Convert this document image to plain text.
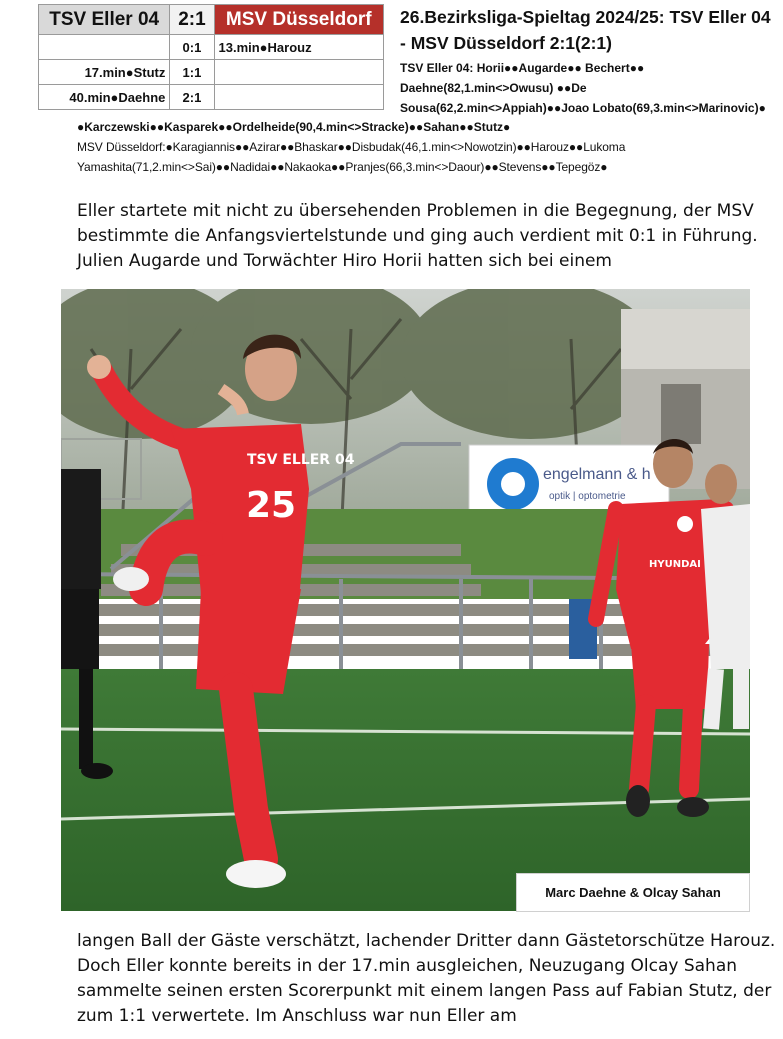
TSV Eller 04	2:1	MSV Düsseldorf
	0:1	13.min●Harouz
17.min●Stutz	1:1	
40.min●Daehne	2:1	
26.Bezirksliga-Spieltag 2024/25: TSV Eller 04 - MSV Düsseldorf 2:1(2:1)
TSV Eller 04: Horii●●Augarde●● Bechert●● Daehne(82,1.min<>Owusu) ●●De Sousa(62,2.min<>Appiah)●●Joao Lobato(69,3.min<>Marinovic)●
●Karczewski●●Kasparek●●Ordelheide(90,4.min<>Stracke)●●Sahan●●Stutz●
MSV Düsseldorf:●Karagiannis●●Azirar●●Bhaskar●●Disbudak(46,1.min<>Nowotzin)●●Harouz●●Lukoma Yamashita(71,2.min<>Sai)●●Nadidai●●Nakaoka●●Pranjes(66,3.min<>Daour)●●Stevens●●Tepegöz●
Eller startete mit nicht zu übersehenden Problemen in die Begegnung, der MSV bestimmte die Anfangsviertelstunde und ging auch verdient mit 0:1 in Führung. Julien Augarde und Torwächter Hiro Horii hatten sich bei einem
engelmann & h
optik | optometrie
TSV ELLER 04
25
HYUNDAI
Marc Daehne & Olcay Sahan
langen Ball der Gäste verschätzt, lachender Dritter dann Gästetorschütze Harouz. Doch Eller konnte bereits in der 17.min ausgleichen, Neuzugang Olcay Sahan sammelte seinen ersten Scorerpunkt mit einem langen Pass auf Fabian Stutz, der zum 1:1 verwertete. Im Anschluss war nun Eller am
